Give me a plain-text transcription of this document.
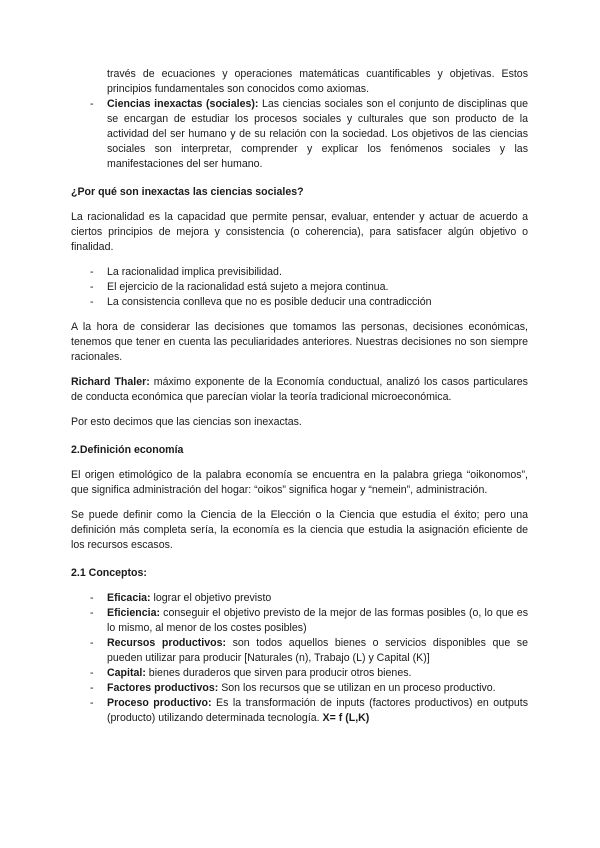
través de ecuaciones y operaciones matemáticas cuantificables y objetivas. Estos principios fundamentales son conocidos como axiomas.

- Ciencias inexactas (sociales): Las ciencias sociales son el conjunto de disciplinas que se encargan de estudiar los procesos sociales y culturales que son producto de la actividad del ser humano y de su relación con la sociedad. Los objetivos de las ciencias sociales son interpretar, comprender y explicar los fenómenos sociales y las manifestaciones del ser humano.

¿Por qué son inexactas las ciencias sociales?

La racionalidad es la capacidad que permite pensar, evaluar, entender y actuar de acuerdo a ciertos principios de mejora y consistencia (o coherencia), para satisfacer algún objetivo o finalidad.

- La racionalidad implica previsibilidad.
- El ejercicio de la racionalidad está sujeto a mejora continua.
- La consistencia conlleva que no es posible deducir una contradicción

A la hora de considerar las decisiones que tomamos las personas, decisiones económicas, tenemos que tener en cuenta las peculiaridades anteriores. Nuestras decisiones no son siempre racionales.

Richard Thaler: máximo exponente de la Economía conductual, analizó los casos particulares de conducta económica que parecían violar la teoría tradicional microeconómica.

Por esto decimos que las ciencias son inexactas.

2.Definición economía

El origen etimológico de la palabra economía se encuentra en la palabra griega “oikonomos”, que significa administración del hogar: “oikos” significa hogar y “nemein”, administración.

Se puede definir como la Ciencia de la Elección o la Ciencia que estudia el éxito; pero una definición más completa sería, la economía es la ciencia que estudia la asignación eficiente de los recursos escasos.

2.1 Conceptos:

- Eficacia: lograr el objetivo previsto
- Eficiencia: conseguir el objetivo previsto de la mejor de las formas posibles (o, lo que es lo mismo, al menor de los costes posibles)
- Recursos productivos: son todos aquellos bienes o servicios disponibles que se pueden utilizar para producir [Naturales (n), Trabajo (L) y Capital (K)]
- Capital: bienes duraderos que sirven para producir otros bienes.
- Factores productivos: Son los recursos que se utilizan en un proceso productivo.
- Proceso productivo: Es la transformación de inputs (factores productivos) en outputs (producto) utilizando determinada tecnología. X= f (L,K)
